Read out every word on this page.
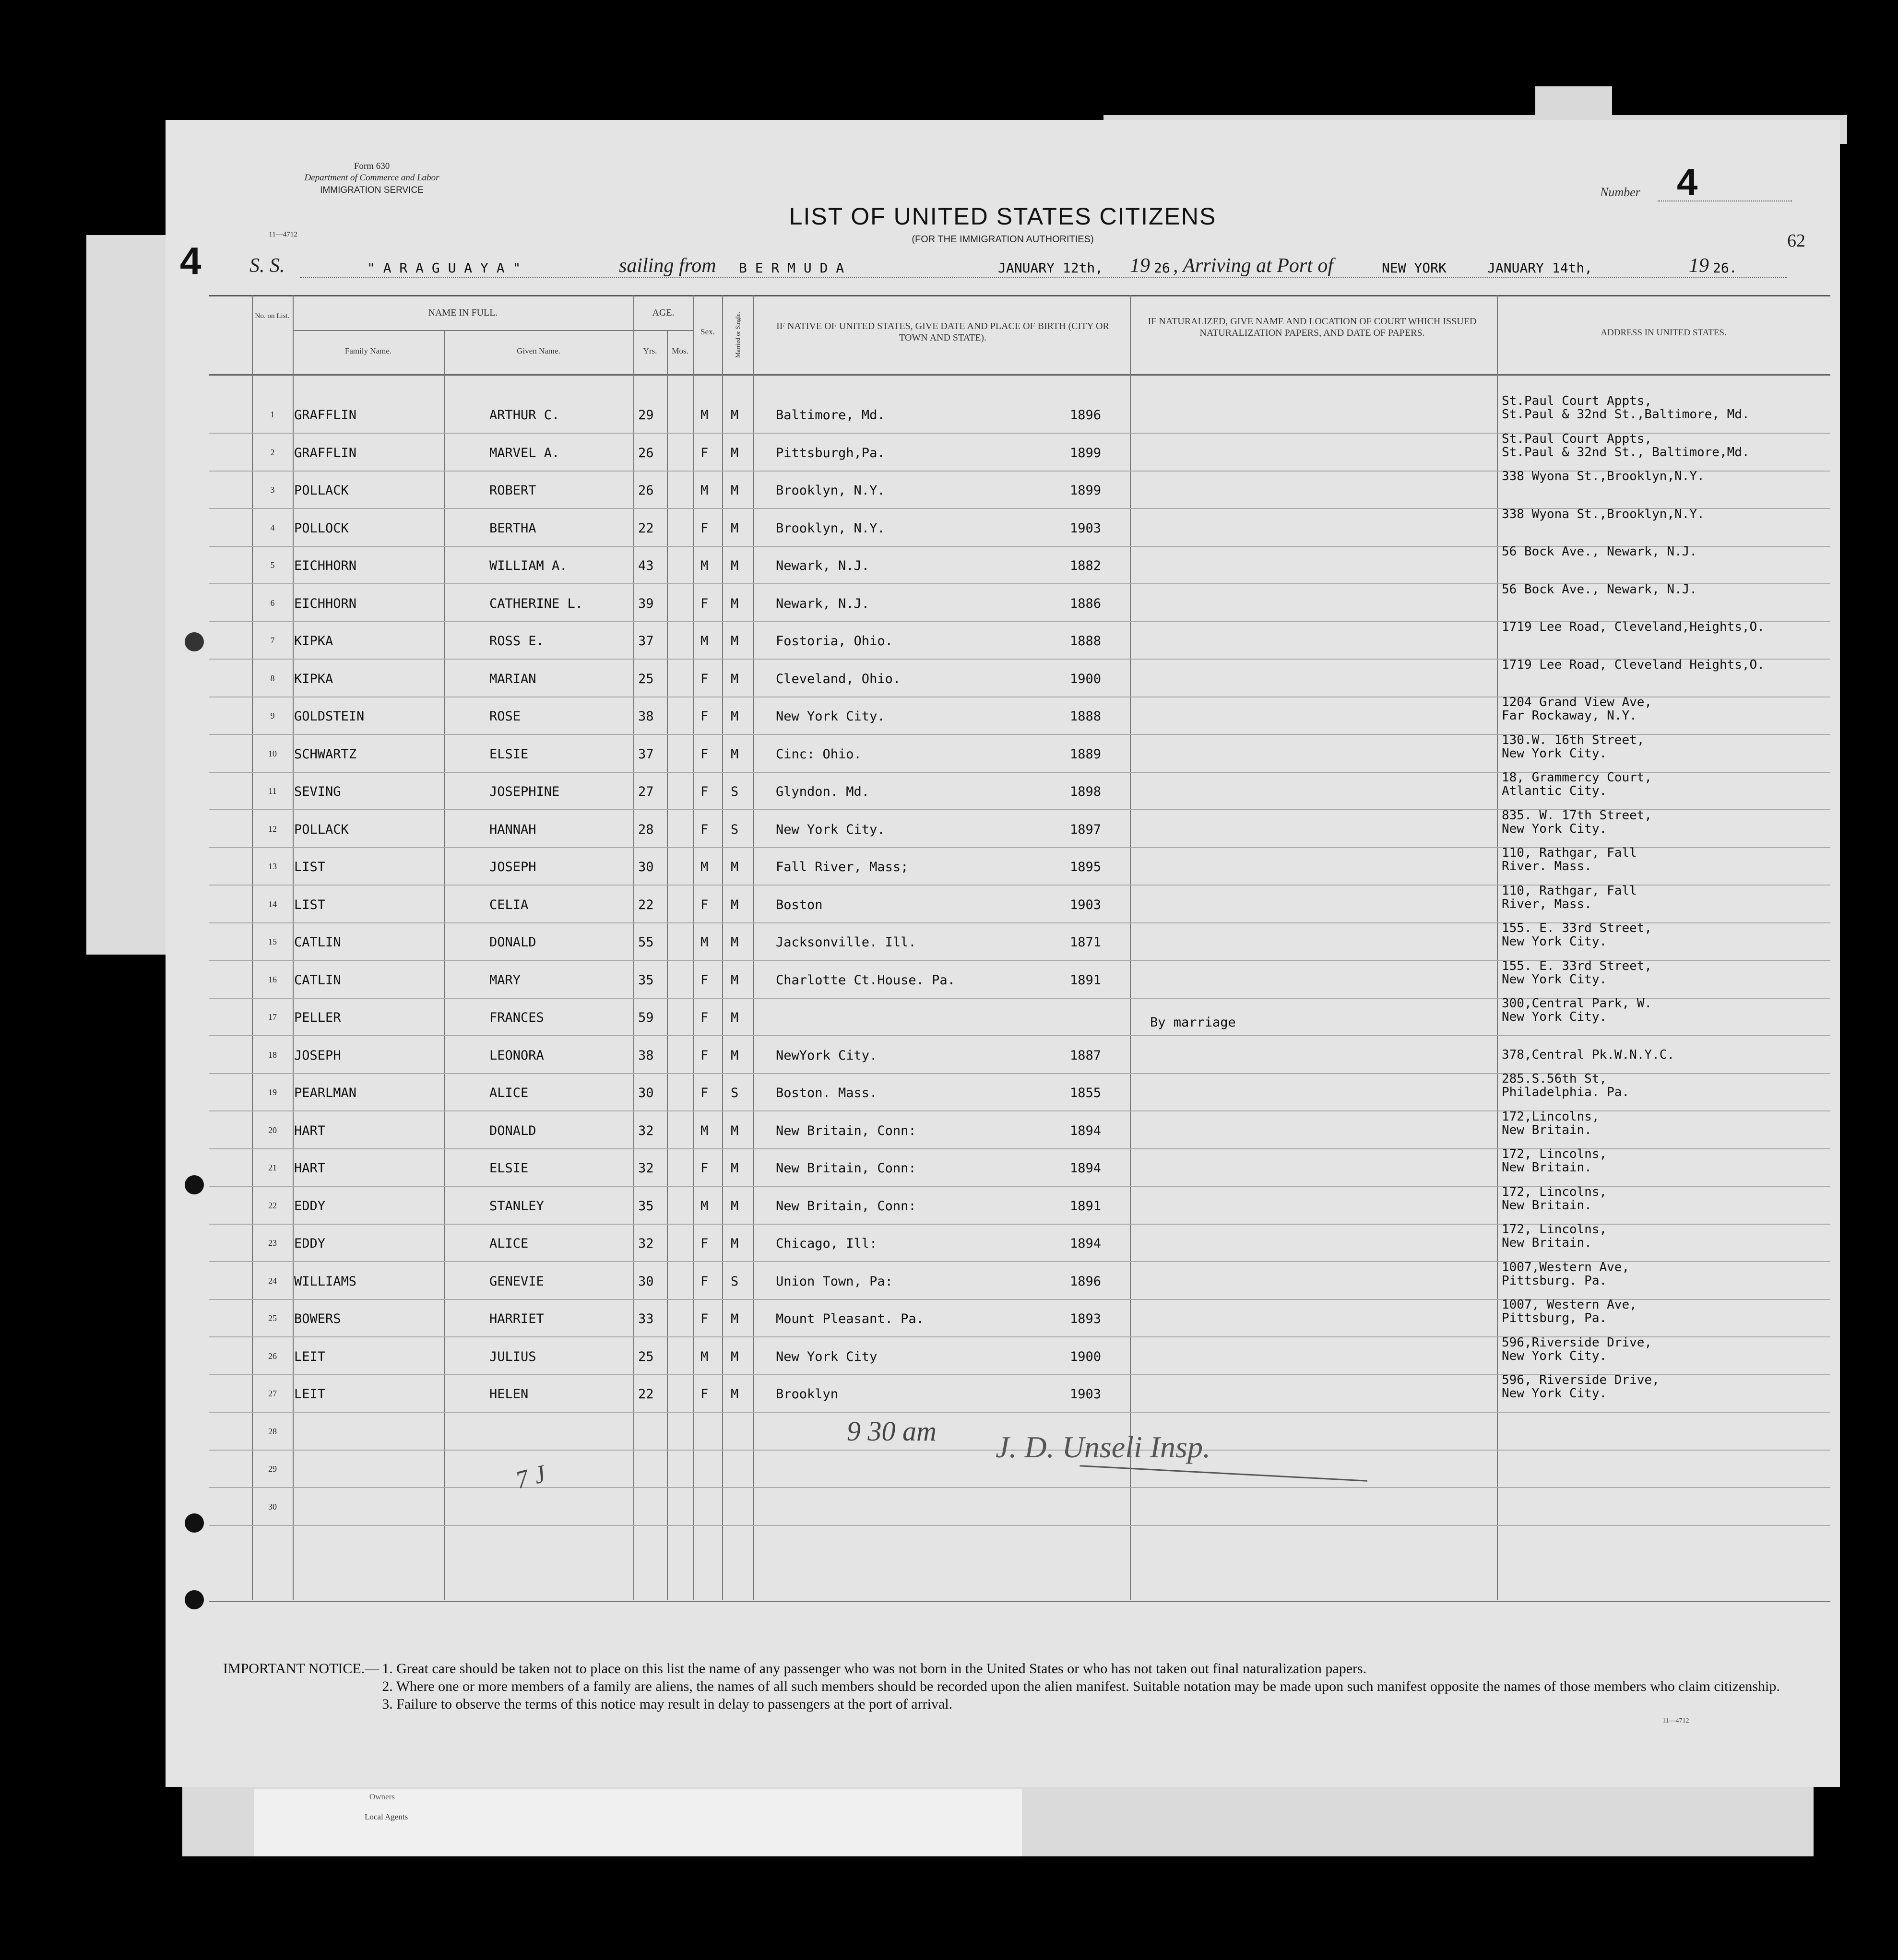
Owners
Local Agents
Form 630
Department of Commerce and Labor
IMMIGRATION SERVICE
11—4712
Number 4
62
LIST OF UNITED STATES CITIZENS
(FOR THE IMMIGRATION AUTHORITIES)
4 S. S.	" A R A G U A Y A "	sailing from B E R M U D A	JANUARY 12th, 19 26 , Arriving at Port of	NEW YORK	JANUARY 14th,	19 26.
No. on List.	NAME IN FULL.
Family Name.	Given Name.
AGE.
Yrs.	Mos.
Sex.	Married or Single.	IF NATIVE OF UNITED STATES, GIVE DATE AND PLACE OF BIRTH (CITY OR TOWN AND STATE).
IF NATURALIZED, GIVE NAME AND LOCATION OF COURT WHICH ISSUED NATURALIZATION PAPERS, AND DATE OF PAPERS.	ADDRESS IN UNITED STATES.
1	GRAFFLIN	ARTHUR C.	29	M M	Baltimore, Md.	1896
St.Paul Court Appts,
St.Paul & 32nd St.,Baltimore, Md.
2	GRAFFLIN	MARVEL A.	26	F M	Pittsburgh,Pa.	1899
St.Paul Court Appts,
St.Paul & 32nd St., Baltimore,Md.
3	POLLACK	ROBERT	26	M M	Brooklyn, N.Y.	1899
338 Wyona St.,Brooklyn,N.Y.
4	POLLOCK	BERTHA	22	F M	Brooklyn, N.Y.	1903
338 Wyona St.,Brooklyn,N.Y.
5	EICHHORN	WILLIAM A.	43	M M	Newark, N.J.	1882
56 Bock Ave., Newark, N.J.
6	EICHHORN	CATHERINE L.	39	F M	Newark, N.J.	1886
56 Bock Ave., Newark, N.J.
7	KIPKA	ROSS E.	37	M M	Fostoria, Ohio.	1888
1719 Lee Road, Cleveland,Heights,O.
8	KIPKA	MARIAN	25	F M	Cleveland, Ohio.	1900
1719 Lee Road, Cleveland Heights,O.
9	GOLDSTEIN	ROSE	38	F M	New York City.	1888
1204 Grand View Ave,
Far Rockaway, N.Y.
10	SCHWARTZ	ELSIE	37	F M	Cinc: Ohio.	1889
130.W. 16th Street,
New York City.
11	SEVING	JOSEPHINE	27	F S	Glyndon. Md.	1898
18, Grammercy Court,
Atlantic City.
12	POLLACK	HANNAH	28	F S	New York City.	1897
835. W. 17th Street,
New York City.
13	LIST	JOSEPH	30	M M	Fall River, Mass;	1895
110, Rathgar, Fall
River. Mass.
14	LIST	CELIA	22	F M	Boston	1903
110, Rathgar, Fall
River, Mass.
15	CATLIN	DONALD	55	M M	Jacksonville. Ill.	1871
155. E. 33rd Street,
New York City.
16	CATLIN	MARY	35	F M	Charlotte Ct.House. Pa.	1891
155. E. 33rd Street,
New York City.
17	PELLER	FRANCES	59	F M	By marriage
300,Central Park, W.
New York City.
18	JOSEPH	LEONORA	38	F M	NewYork City.	1887	378,Central Pk.W.N.Y.C.
19	PEARLMAN	ALICE	30	F S	Boston. Mass.	1855
285.S.56th St,
Philadelphia. Pa.
20	HART	DONALD	32	M M	New Britain, Conn:	1894
172,Lincolns,
New Britain.
21	HART	ELSIE	32	F M	New Britain, Conn:	1894
172, Lincolns,
New Britain.
22	EDDY	STANLEY	35	M M	New Britain, Conn:	1891
172, Lincolns,
New Britain.
23	EDDY	ALICE	32	F M	Chicago, Ill:	1894
172, Lincolns,
New Britain.
24	WILLIAMS	GENEVIE	30	F S	Union Town, Pa:	1896
1007,Western Ave,
Pittsburg. Pa.
25	BOWERS	HARRIET	33	F M	Mount Pleasant. Pa.	1893
1007, Western Ave,
Pittsburg, Pa.
26	LEIT	JULIUS	25	M M	New York City	1900
596,Riverside Drive,
New York City.
27	LEIT	HELEN	22	F M	Brooklyn	1903
596, Riverside Drive,
New York City.
28
29
30
9 30 am J. D. Unseli Insp.
7 J
IMPORTANT NOTICE.— 1. Great care should be taken not to place on this list the name of any passenger who was not born in the United States or who has not taken out final naturalization papers.
2. Where one or more members of a family are aliens, the names of all such members should be recorded upon the alien manifest. Suitable notation may be made upon such manifest opposite the names of those members who claim citizenship.
3. Failure to observe the terms of this notice may result in delay to passengers at the port of arrival.
11—4712
